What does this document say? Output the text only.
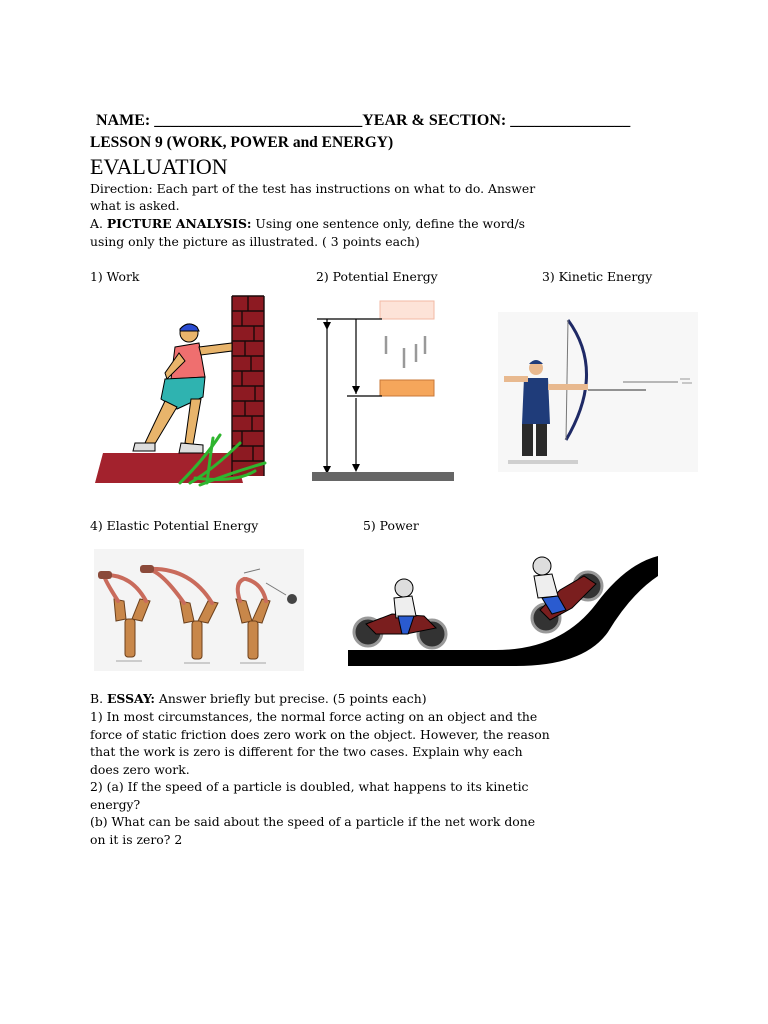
NAME: __________________________YEAR & SECTION: _______________
LESSON 9 (WORK, POWER and ENERGY)
EVALUATION
Direction: Each part of the test has instructions on what to do. Answer
what is asked.
A. PICTURE ANALYSIS: Using one sentence only, define the word/s
using only the picture as illustrated. ( 3 points each)
1) Work	2) Potential Energy	3) Kinetic Energy
4) Elastic Potential Energy	5) Power
B. ESSAY: Answer briefly but precise. (5 points each)
1) In most circumstances, the normal force acting on an object and the
force of static friction does zero work on the object. However, the reason
that the work is zero is different for the two cases. Explain why each
does zero work.
2) (a) If the speed of a particle is doubled, what happens to its kinetic
energy?
(b) What can be said about the speed of a particle if the net work done
on it is zero? 2
